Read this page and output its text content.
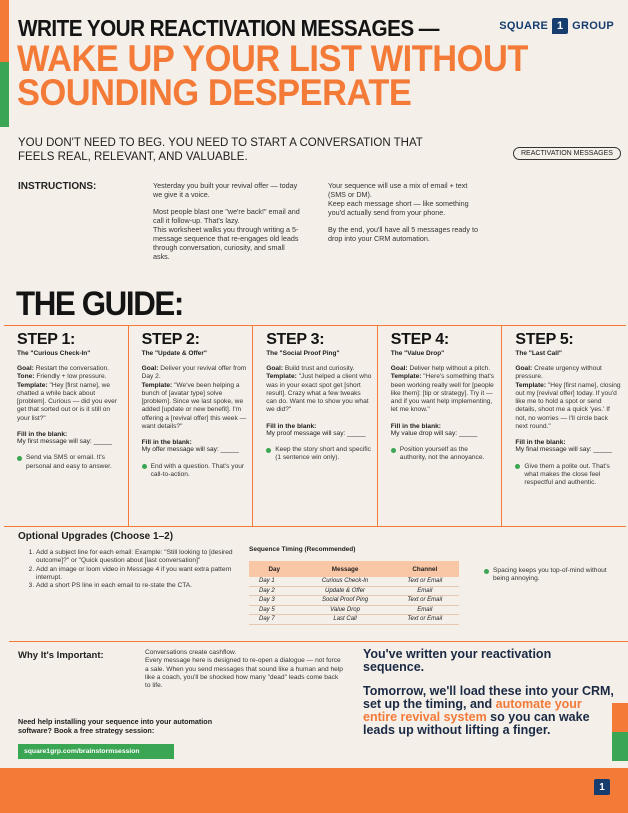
WRITE YOUR REACTIVATION MESSAGES —
WAKE UP YOUR LIST WITHOUT
SOUNDING DESPERATE
SQUARE 1 GROUP
YOU DON'T NEED TO BEG. YOU NEED TO START A CONVERSATION THAT FEELS REAL, RELEVANT, AND VALUABLE.	REACTIVATION MESSAGES
INSTRUCTIONS:	Yesterday you built your revival offer — today we give it a voice.

Most people blast one "we're back!" email and call it follow-up. That's lazy.

This worksheet walks you through writing a 5-message sequence that re-engages old leads through conversation, curiosity, and small asks.

Your sequence will use a mix of email + text (SMS or DM).

Keep each message short — like something you'd actually send from your phone.

By the end, you'll have all 5 messages ready to drop into your CRM automation.

THE GUIDE:
STEP 1:
The "Curious Check-In"
Goal: Restart the conversation.
Tone: Friendly + low pressure.
Template: "Hey [first name], we chatted a while back about [problem]. Curious — did you ever get that sorted out or is it still on your list?"
Fill in the blank:
My first message will say: _____
Send via SMS or email. It's personal and easy to answer.
STEP 2:
The "Update & Offer"
Goal: Deliver your revival offer from Day 2.
Template: "We've been helping a bunch of [avatar type] solve [problem]. Since we last spoke, we added [update or new benefit]. I'm offering a [revival offer] this week — want details?"
Fill in the blank:
My offer message will say: _____
End with a question. That's your call-to-action.
STEP 3:
The "Social Proof Ping"
Goal: Build trust and curiosity.
Template: "Just helped a client who was in your exact spot get [short result]. Crazy what a few tweaks can do. Want me to show you what we did?"
Fill in the blank:
My proof message will say: _____
Keep the story short and specific (1 sentence win only).
STEP 4:
The "Value Drop"
Goal: Deliver help without a pitch.
Template: "Here's something that's been working really well for [people like them]: [tip or strategy]. Try it — and if you want help implementing, let me know."
Fill in the blank:
My value drop will say: _____
Position yourself as the authority, not the annoyance.
STEP 5:
The "Last Call"
Goal: Create urgency without pressure.
Template: "Hey [first name], closing out my [revival offer] today. If you'd like me to hold a spot or send details, shoot me a quick 'yes.' If not, no worries — I'll circle back next round."
Fill in the blank:
My final message will say: _____
Give them a polite out. That's what makes the close feel respectful and authentic.
Optional Upgrades (Choose 1–2)
1. Add a subject line for each email: Example: "Still looking to [desired outcome]?" or "Quick question about [last conversation]"
2. Add an image or loom video in Message 4 if you want extra pattern interrupt.
3. Add a short PS line in each email to re-state the CTA.
Sequence Timing (Recommended)
Day	Message	Channel
Day 1	Curious Check-In	Text or Email
Day 2	Update & Offer	Email
Day 3	Social Proof Ping	Text or Email
Day 5	Value Drop	Email
Day 7	Last Call	Text or Email
Spacing keeps you top-of-mind without being annoying.
Why It's Important:	Conversations create cashflow.
Every message here is designed to re-open a dialogue — not force a sale. When you send messages that sound like a human and help like a coach, you'll be shocked how many "dead" leads come back to life.
Need help installing your sequence into your automation software? Book a free strategy session:
square1grp.com/brainstormsession
You've written your reactivation sequence.
Tomorrow, we'll load these into your CRM, set up the timing, and automate your entire revival system so you can wake leads up without lifting a finger.
1
